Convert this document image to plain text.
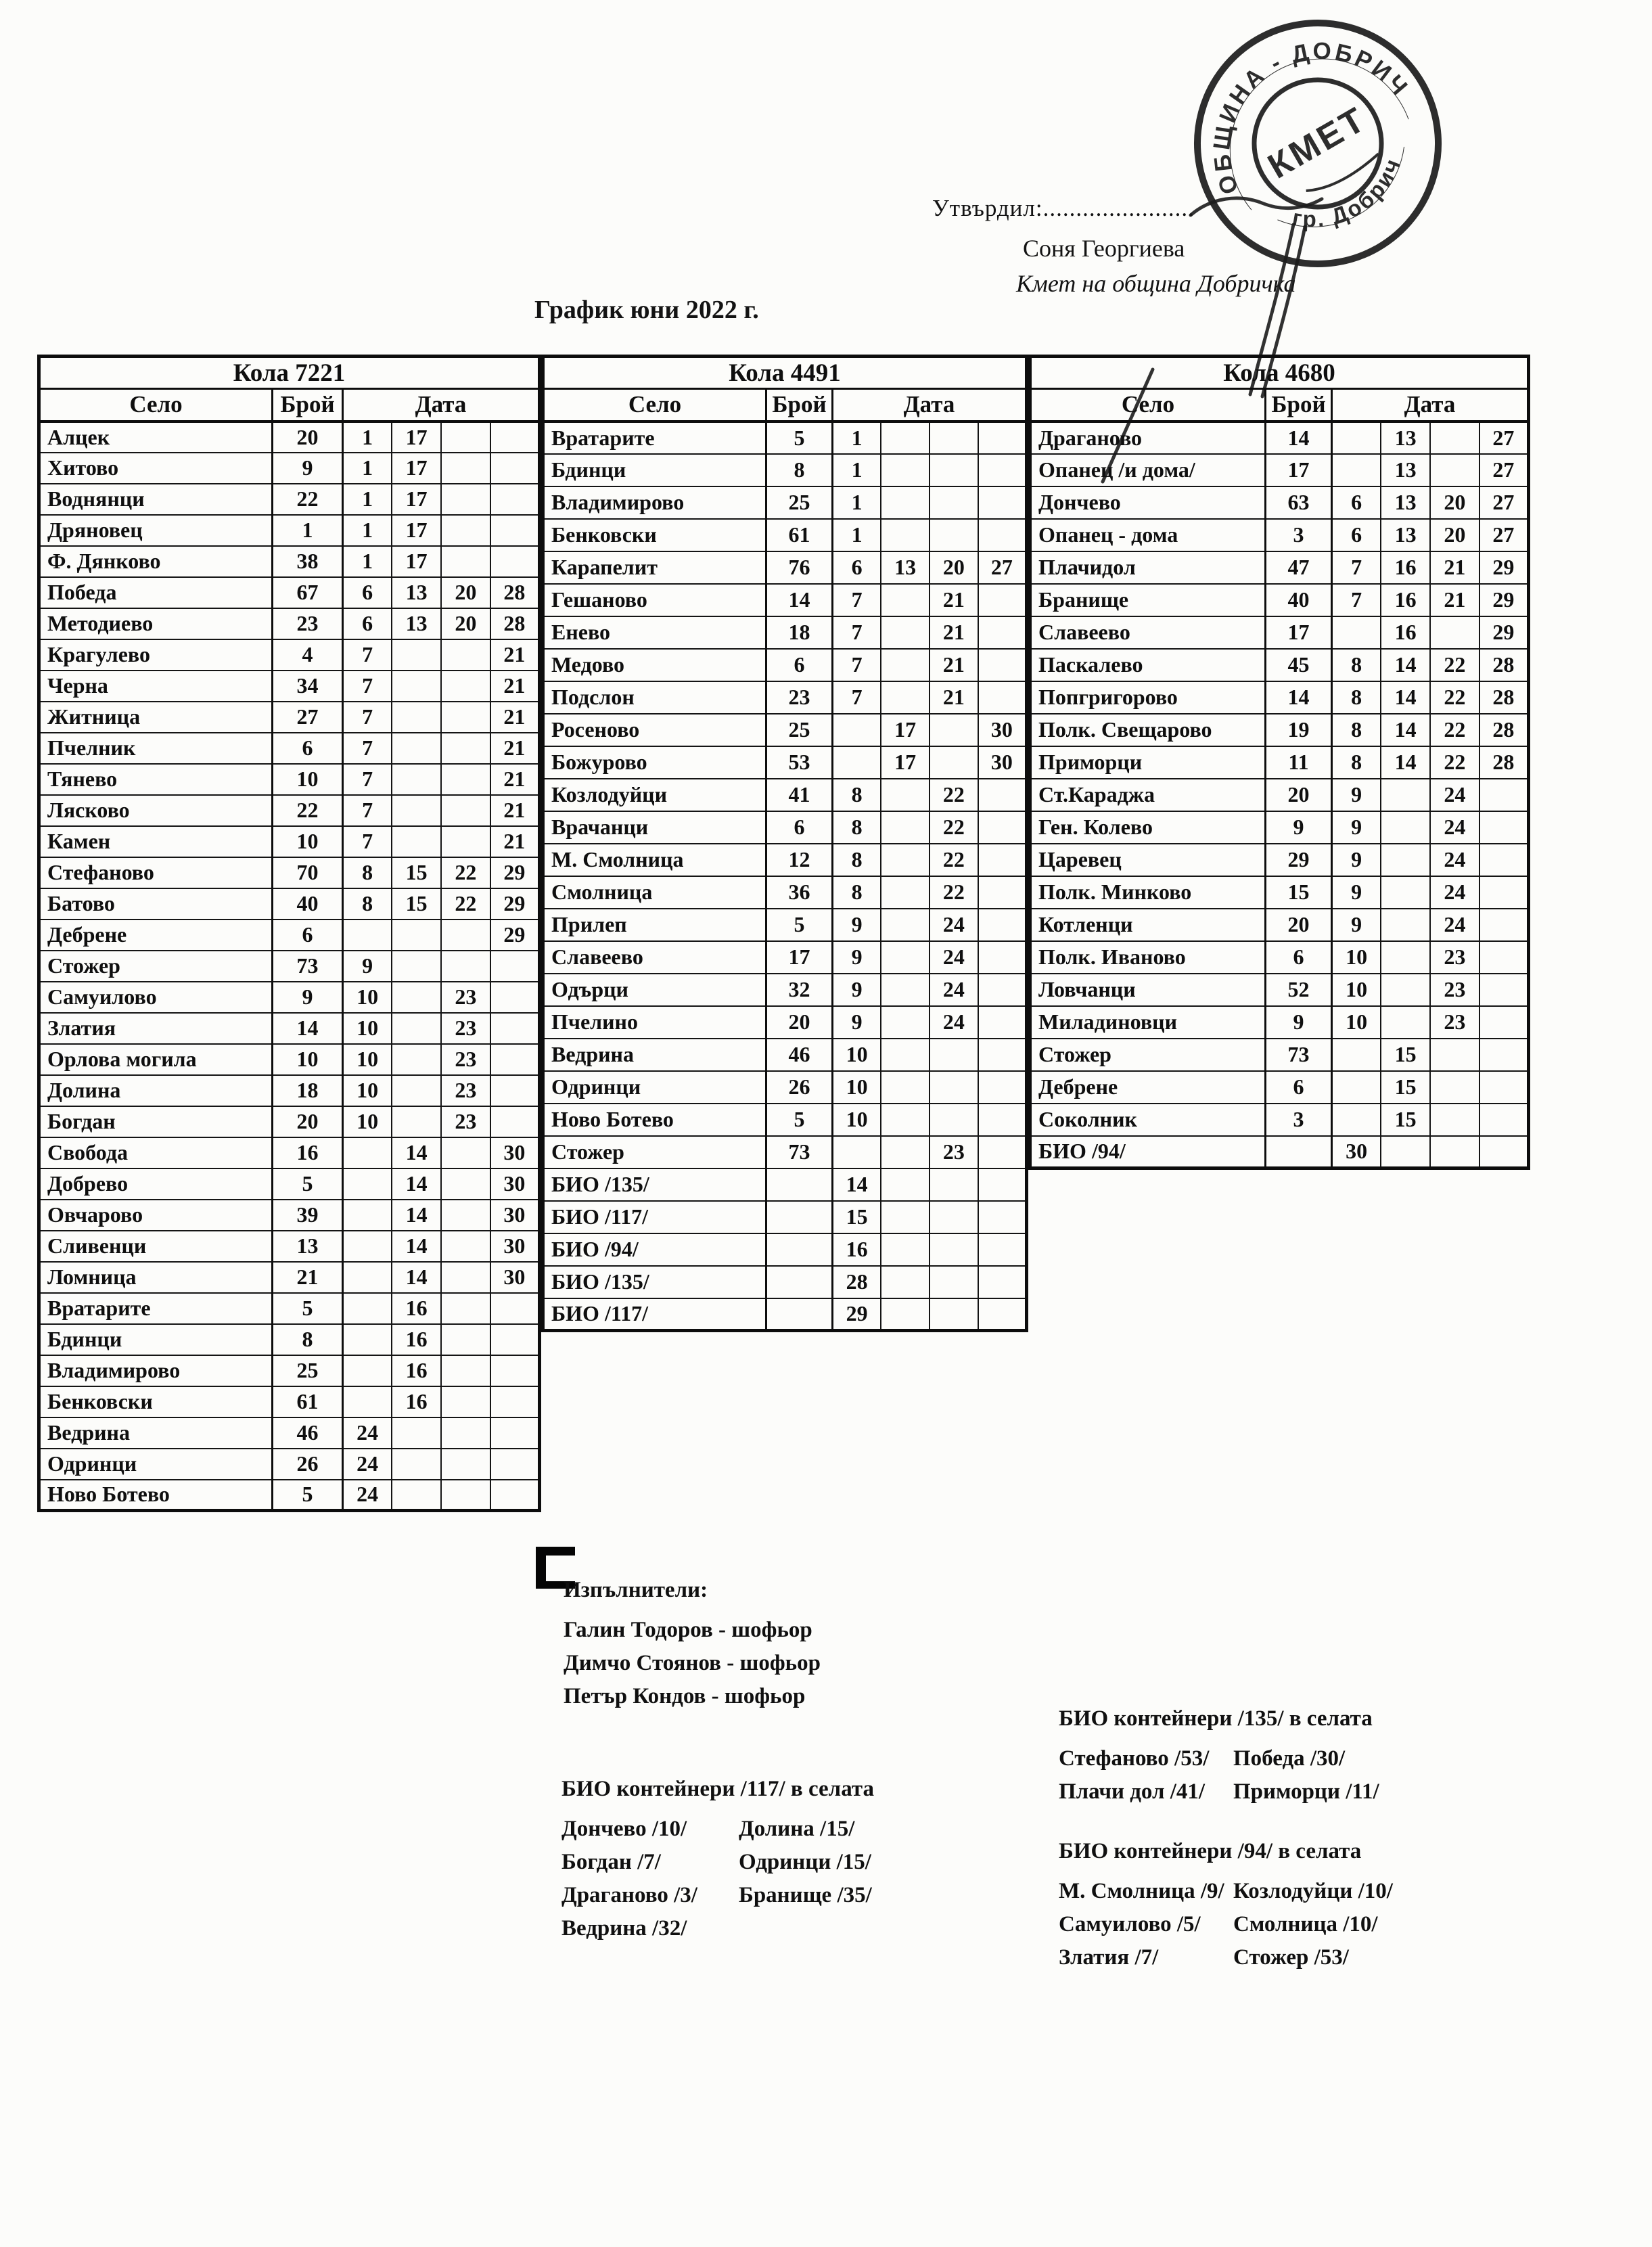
ОБЩИНА - ДОБРИЧ
гр. Добрич
КМЕТ
Утвърдил:.......................
Соня Георгиева
Кмет на община Добричка
График юни 2022 г.
Кола 7221					
Село	Брой	Дата			
Алцек	20	1	17		
Хитово	9	1	17		
Воднянци	22	1	17		
Дряновец	1	1	17		
Ф. Дянково	38	1	17		
Победа	67	6	13	20	28
Методиево	23	6	13	20	28
Крагулево	4	7			21
Черна	34	7			21
Житница	27	7			21
Пчелник	6	7			21
Тянево	10	7			21
Лясково	22	7			21
Камен	10	7			21
Стефаново	70	8	15	22	29
Батово	40	8	15	22	29
Дебрене	6				29
Стожер	73	9			
Самуилово	9	10		23	
Златия	14	10		23	
Орлова могила	10	10		23	
Долина	18	10		23	
Богдан	20	10		23	
Свобода	16		14		30
Добрево	5		14		30
Овчарово	39		14		30
Сливенци	13		14		30
Ломница	21		14		30
Вратарите	5		16		
Бдинци	8		16		
Владимирово	25		16		
Бенковски	61		16		
Ведрина	46	24			
Одринци	26	24			
Ново Ботево	5	24			
Кола 4491					
Село	Брой	Дата			
Вратарите	5	1			
Бдинци	8	1			
Владимирово	25	1			
Бенковски	61	1			
Карапелит	76	6	13	20	27
Гешаново	14	7		21	
Енево	18	7		21	
Медово	6	7		21	
Подслон	23	7		21	
Росеново	25		17		30
Божурово	53		17		30
Козлодуйци	41	8		22	
Врачанци	6	8		22	
М. Смолница	12	8		22	
Смолница	36	8		22	
Прилеп	5	9		24	
Славеево	17	9		24	
Одърци	32	9		24	
Пчелино	20	9		24	
Ведрина	46	10			
Одринци	26	10			
Ново Ботево	5	10			
Стожер	73			23	
БИО /135/		14			
БИО /117/		15			
БИО /94/		16			
БИО /135/		28			
БИО /117/		29			
Кола 4680					
Село	Брой	Дата			
Драганово	14		13		27
Опанец /и дома/	17		13		27
Дончево	63	6	13	20	27
Опанец - дома	3	6	13	20	27
Плачидол	47	7	16	21	29
Бранище	40	7	16	21	29
Славеево	17		16		29
Паскалево	45	8	14	22	28
Попгригорово	14	8	14	22	28
Полк. Свещарово	19	8	14	22	28
Приморци	11	8	14	22	28
Ст.Караджа	20	9		24	
Ген. Колево	9	9		24	
Царевец	29	9		24	
Полк. Минково	15	9		24	
Котленци	20	9		24	
Полк. Иваново	6	10		23	
Ловчанци	52	10		23	
Миладиновци	9	10		23	
Стожер	73		15		
Дебрене	6		15		
Соколник	3		15		
БИО /94/		30			
Изпълнители:
Галин Тодоров - шофьор
Димчо Стоянов - шофьор
Петър Кондов - шофьор
БИО контейнери /117/ в селата
Дончево /10/
Богдан /7/
Драганово /3/
Ведрина /32/
Долина /15/
Одринци /15/
Бранище /35/
БИО контейнери /135/ в селата
Стефаново /53/
Плачи дол /41/
Победа /30/
Приморци /11/
БИО контейнери /94/ в селата
М. Смолница /9/
Самуилово /5/
Златия /7/
Козлодуйци /10/
Смолница /10/
Стожер /53/
